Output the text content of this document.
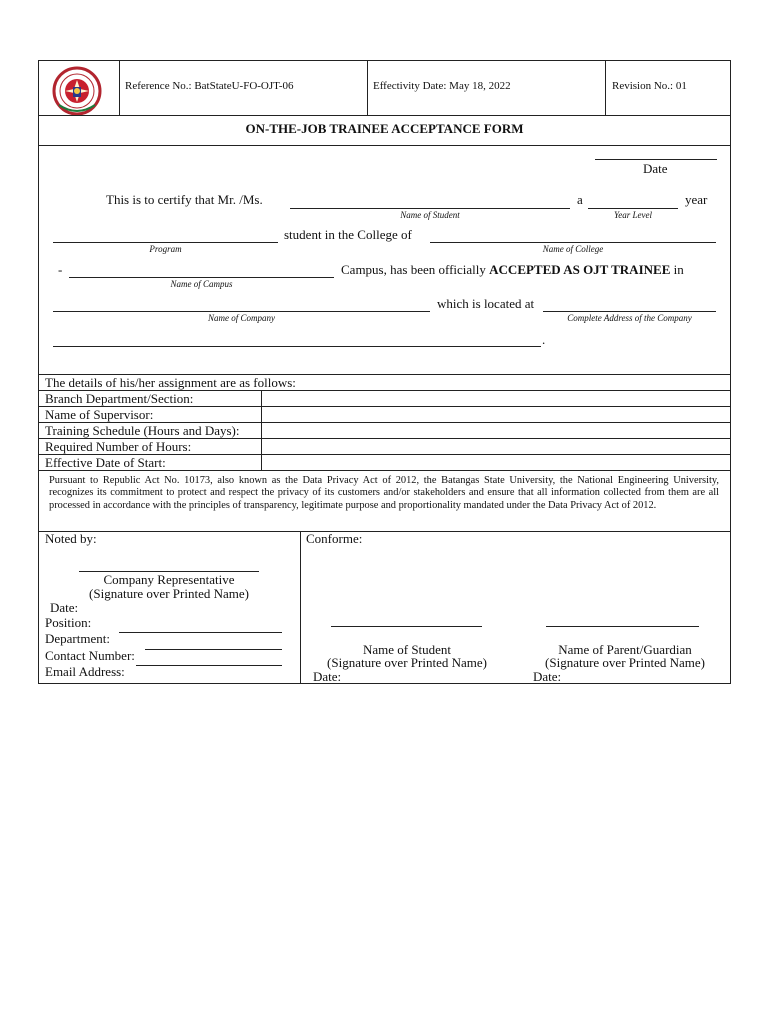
Reference No.: BatStateU-FO-OJT-06	Effectivity Date: May 18, 2022	Revision No.: 01
ON-THE-JOB TRAINEE ACCEPTANCE FORM
Date
This is to certify that Mr. /Ms.
Name of Student
a
Year Level
year
Program
student in the College of
Name of College
-
Name of Campus
Campus, has been officially ACCEPTED AS OJT TRAINEE in
Name of Company
which is located at
Complete Address of the Company
.
The details of his/her assignment are as follows:
Branch Department/Section:
Name of Supervisor:
Training Schedule (Hours and Days):
Required Number of Hours:
Effective Date of Start:
Pursuant to Republic Act No. 10173, also known as the Data Privacy Act of 2012, the Batangas State University, the National Engineering University, recognizes its commitment to protect and respect the privacy of its customers and/or stakeholders and ensure that all information collected from them are all processed in accordance with the principles of transparency, legitimate purpose and proportionality mandated under the Data Privacy Act of 2012.
Noted by:
Company Representative
(Signature over Printed Name)
Date:
Position:
Department:
Contact Number:
Email Address:
Conforme:
Name of Student
(Signature over Printed Name)
Date:
Name of Parent/Guardian
(Signature over Printed Name)
Date:
